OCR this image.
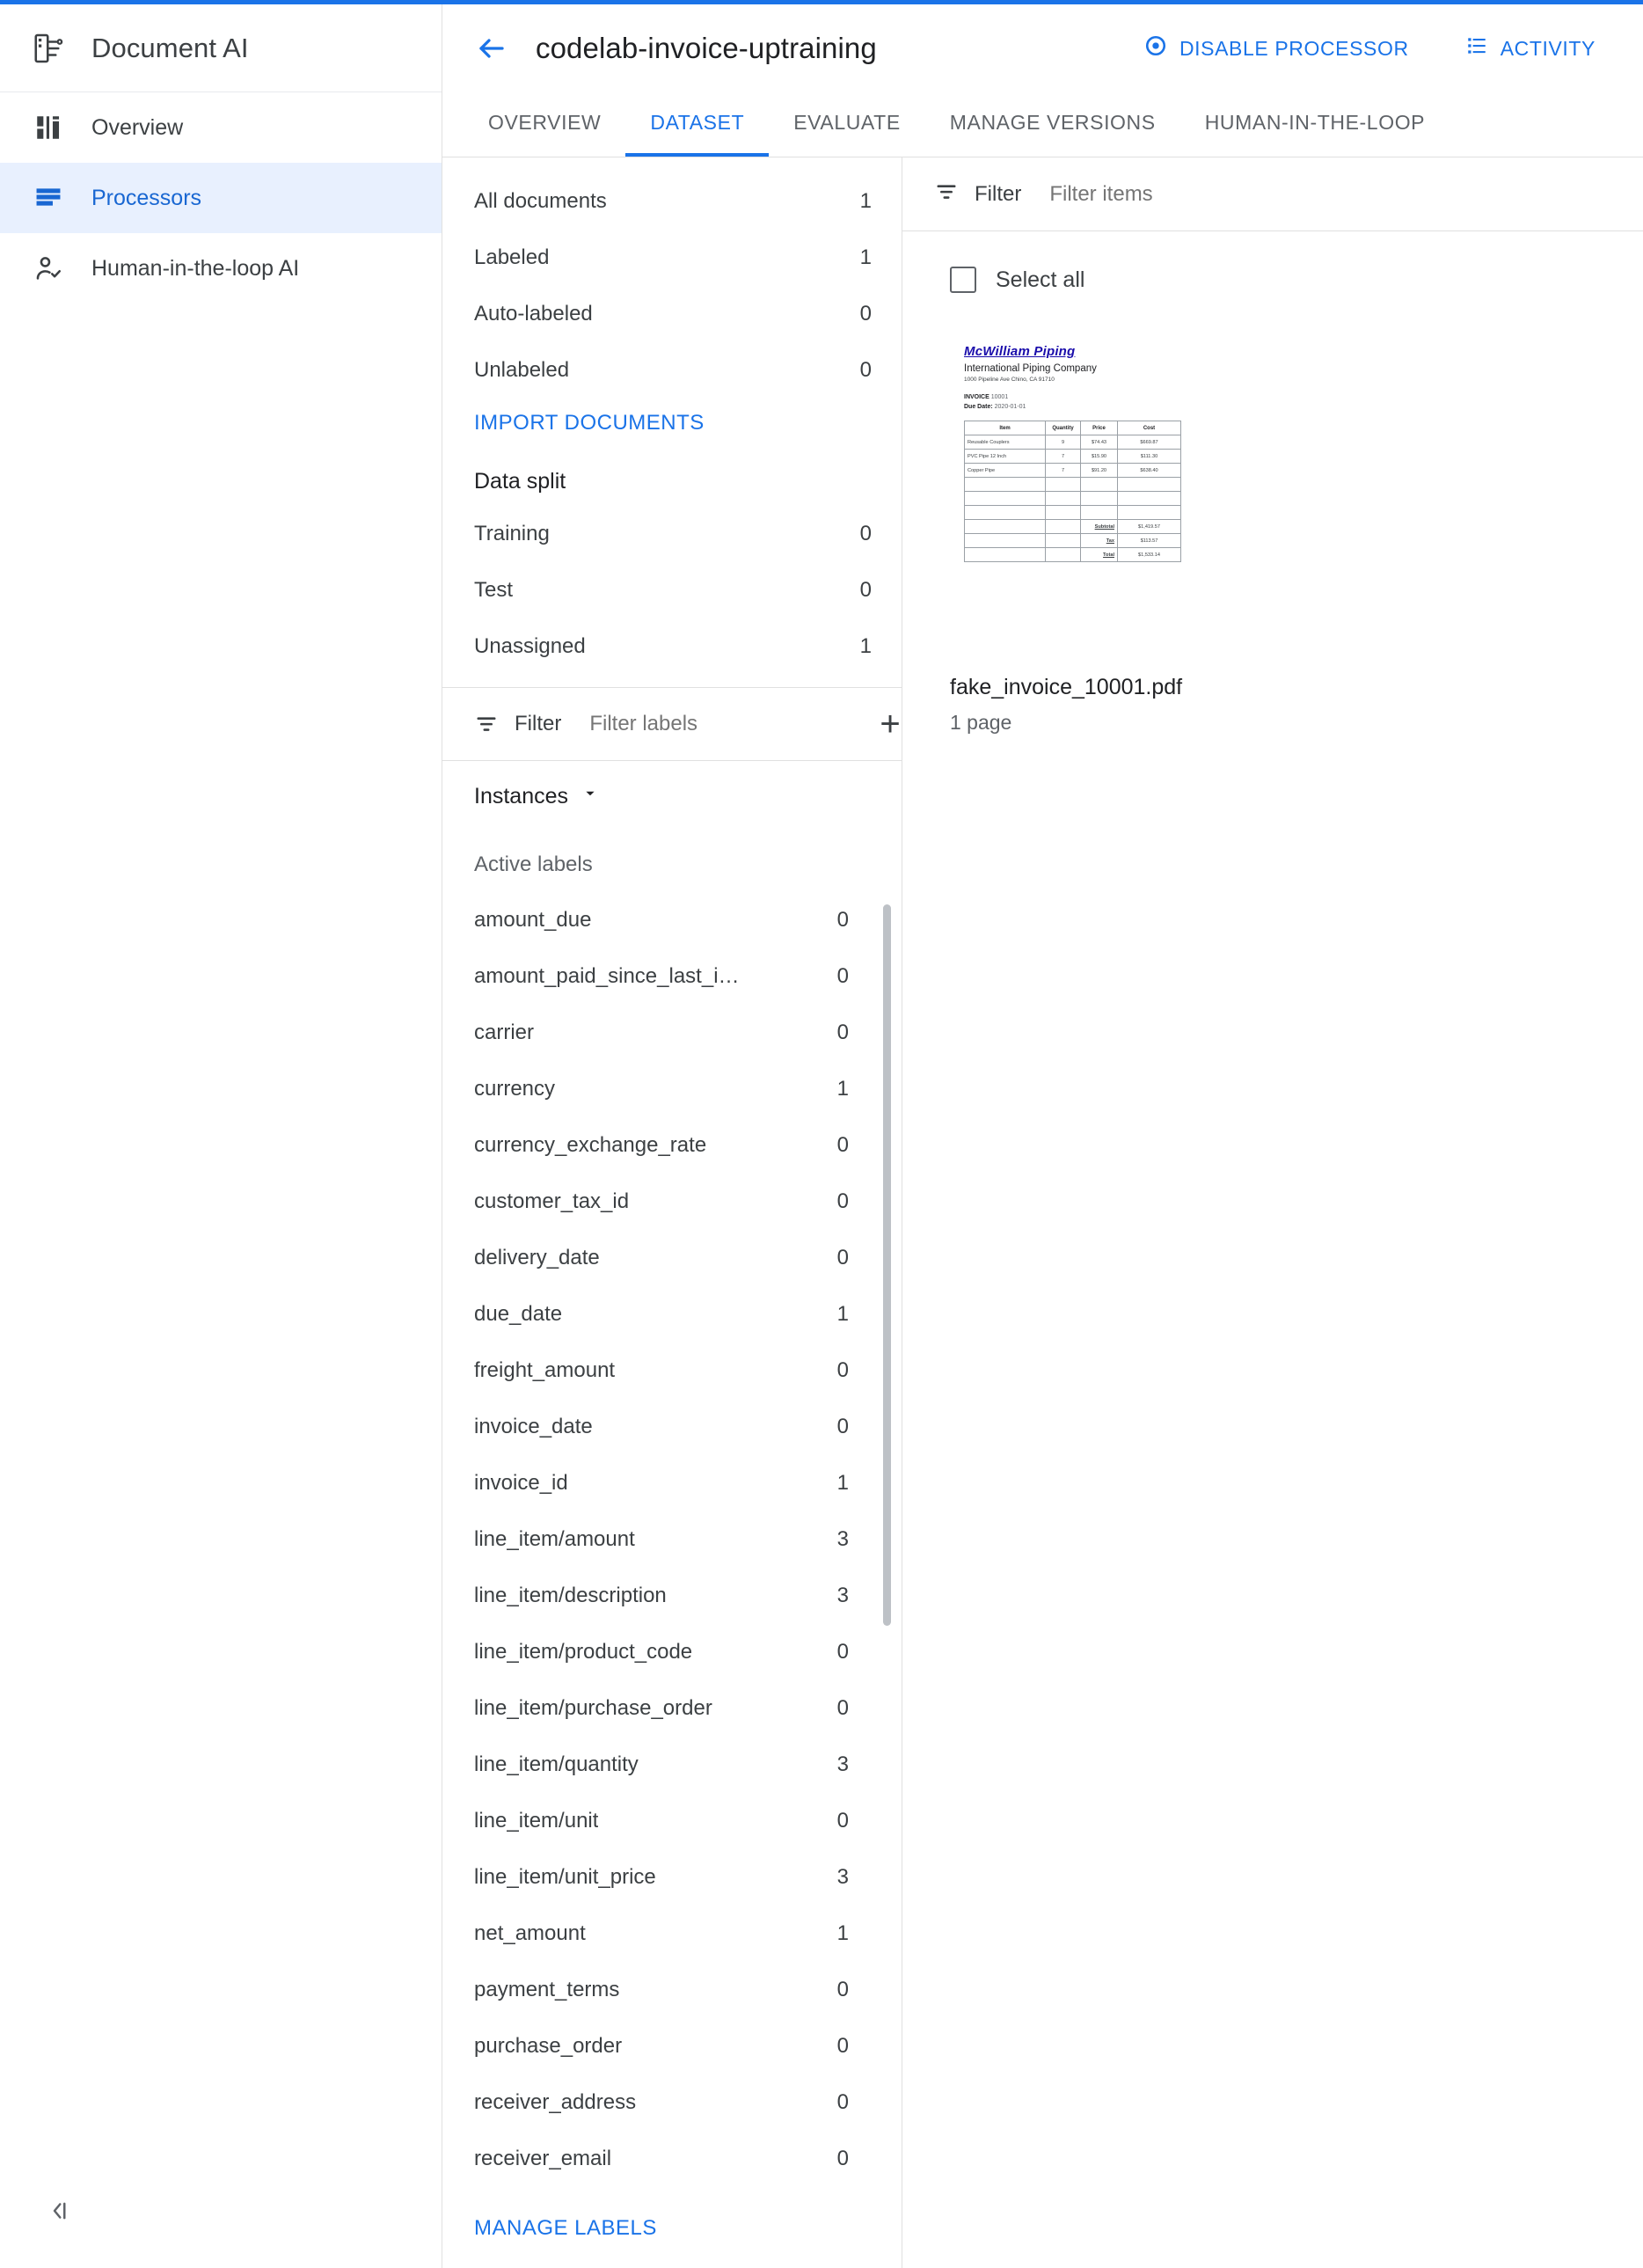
Document AI
Overview
Processors
Human-in-the-loop AI
codelab-invoice-uptraining	DISABLE PROCESSOR	ACTIVITY
OVERVIEW	DATASET	EVALUATE	MANAGE VERSIONS	HUMAN-IN-THE-LOOP
All documents	1
Labeled	1
Auto-labeled	0
Unlabeled	0
IMPORT DOCUMENTS
Data split
Training	0
Test	0
Unassigned	1
Filter
Filter labels	+
Instances
Active labels
amount_due	0
amount_paid_since_last_i…	0
carrier	0
currency	1
currency_exchange_rate	0
customer_tax_id	0
delivery_date	0
due_date	1
freight_amount	0
invoice_date	0
invoice_id	1
line_item/amount	3
line_item/description	3
line_item/product_code	0
line_item/purchase_order	0
line_item/quantity	3
line_item/unit	0
line_item/unit_price	3
net_amount	1
payment_terms	0
purchase_order	0
receiver_address	0
receiver_email	0
MANAGE LABELS
Filter
Filter items
Select all
McWilliam Piping
International Piping Company
1000 Pipeline Ave Chino, CA 91710
INVOICE 10001
Due Date: 2020-01-01
Item	Quantity	Price	Cost
Reusable Couplers	9	$74.43	$669.87
PVC Pipe 12 Inch	7	$15.90	$111.30
Copper Pipe	7	$91.20	$638.40

		Subtotal	$1,419.57
		Tax	$113.57
		Total	$1,533.14
fake_invoice_10001.pdf
1 page
